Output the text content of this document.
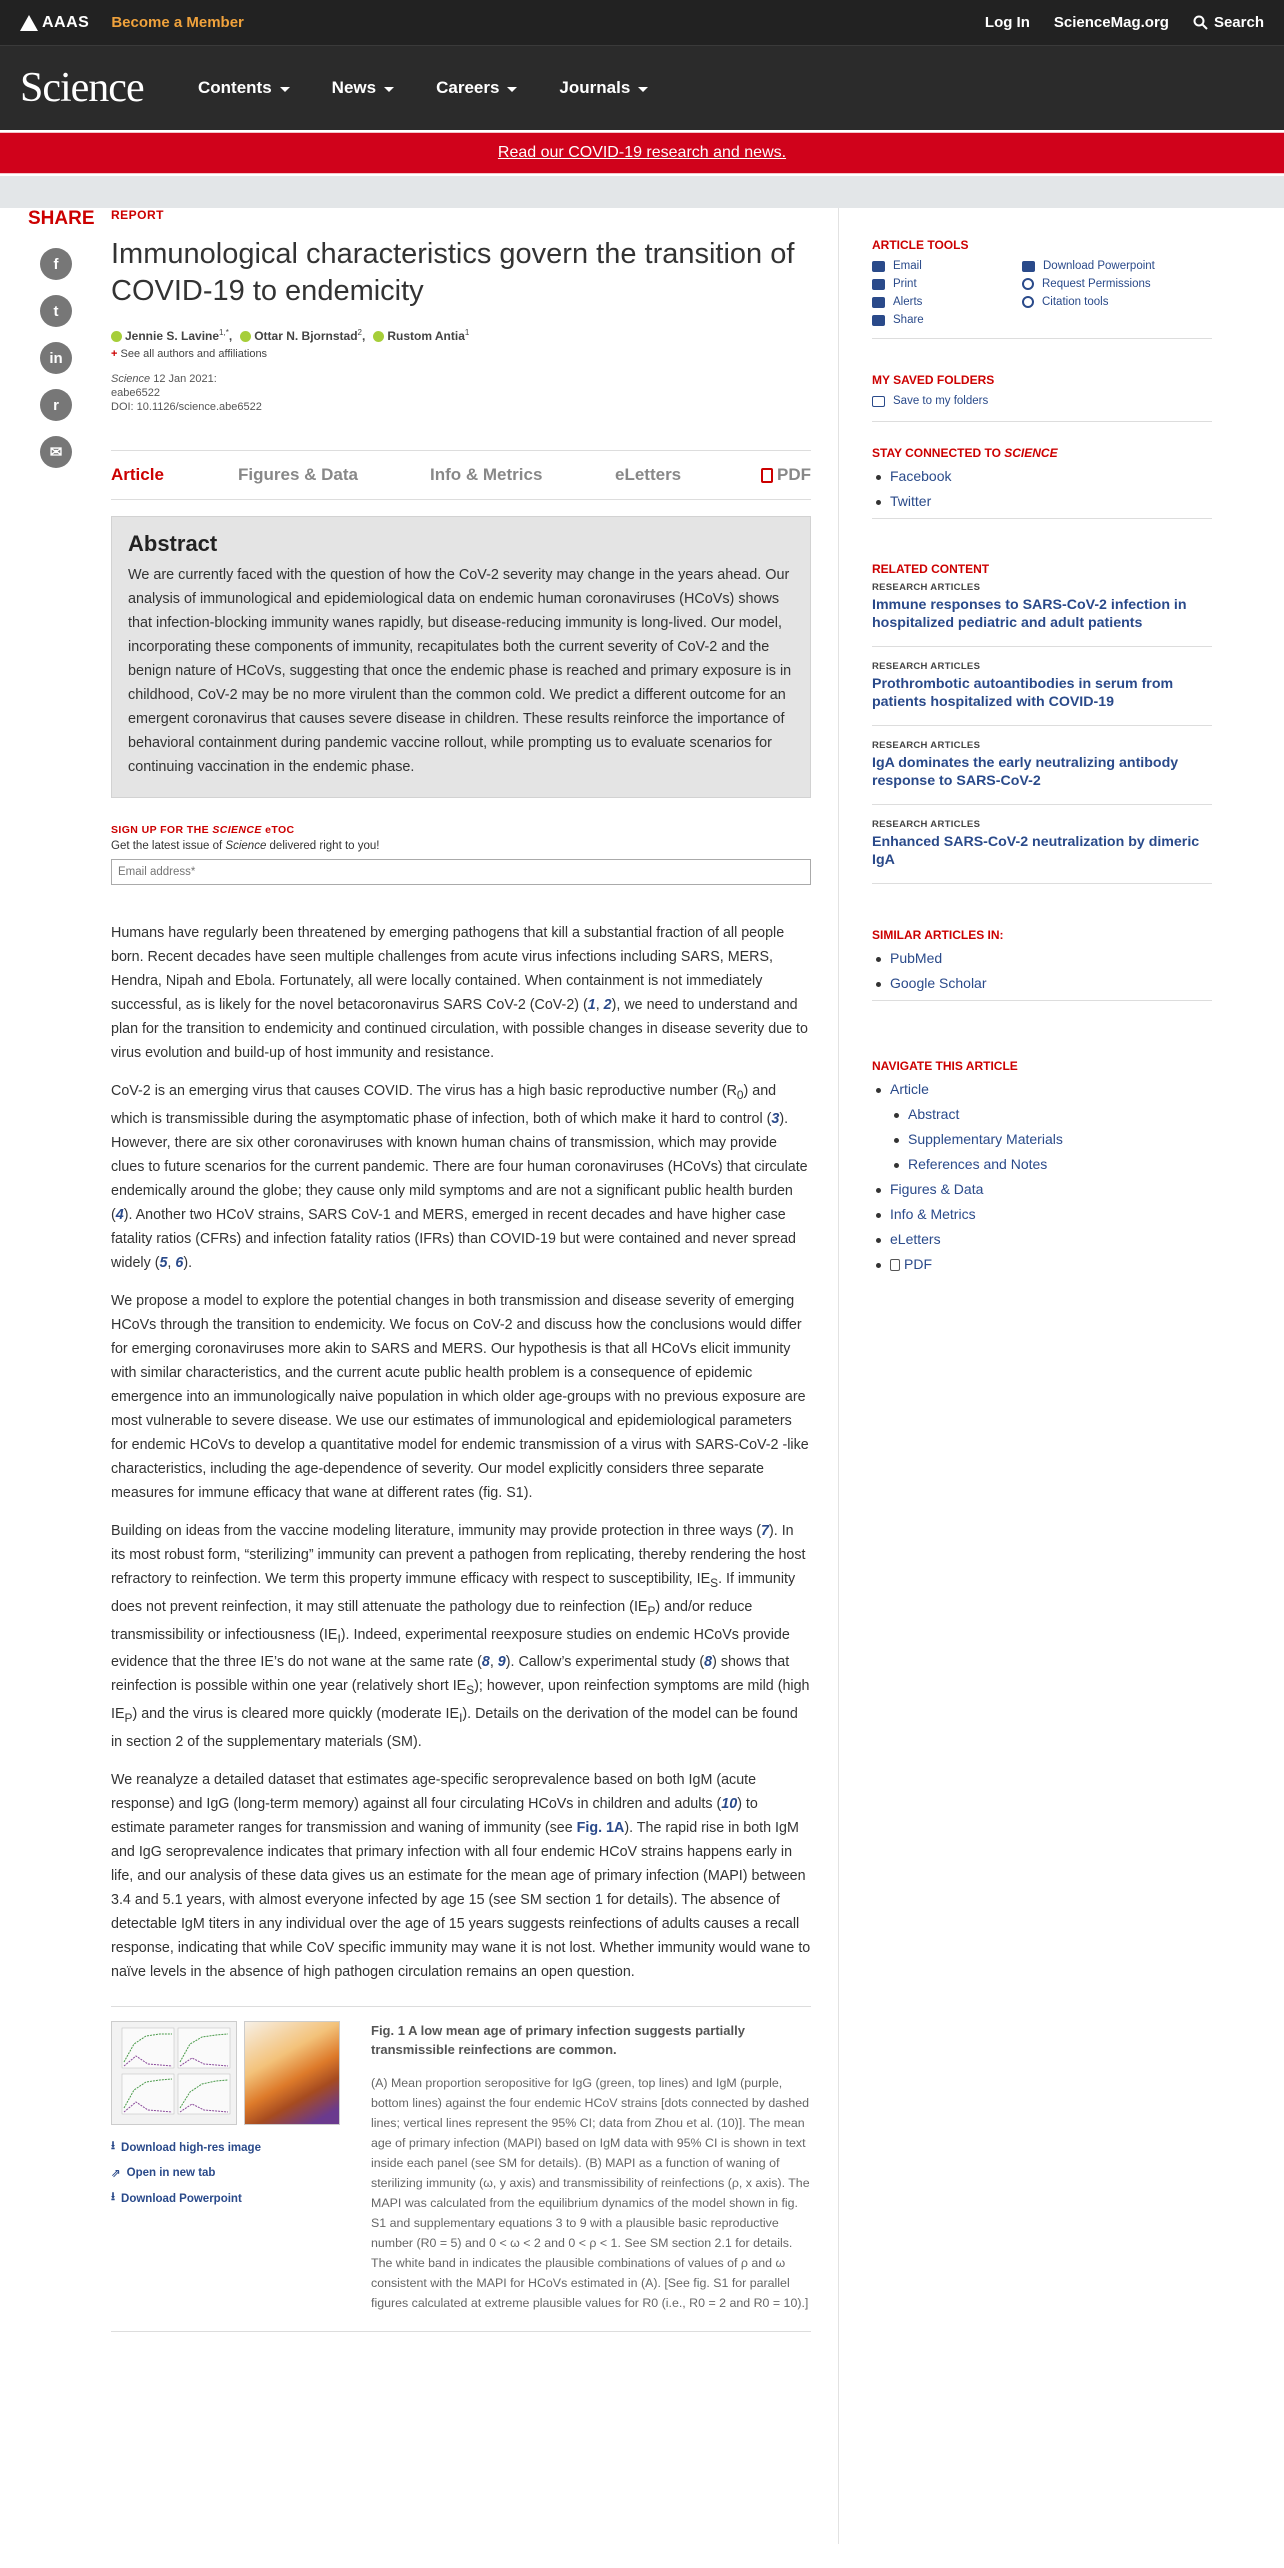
AAAS Become a Member	Log In ScienceMag.org	Search
Science	Contents	News	Careers	Journals
Read our COVID-19 research and news.
SHARE
f
t
in
r
✉
REPORT
Immunological characteristics govern the transition of COVID-19 to endemicity
Jennie S. Lavine$^{1,*}$,	Ottar N. Bjornstad$^2$,	Rustom Antia$^1$
+ See all authors and affiliations
Science 12 Jan 2021:
eabe6522
DOI: 10.1126/science.abe6522
Article	Figures & Data	Info & Metrics	eLetters	PDF
Abstract

We are currently faced with the question of how the CoV-2 severity may change in the years ahead. Our analysis of immunological and epidemiological data on endemic human coronaviruses (HCoVs) shows that infection-blocking immunity wanes rapidly, but disease-reducing immunity is long-lived. Our model, incorporating these components of immunity, recapitulates both the current severity of CoV-2 and the benign nature of HCoVs, suggesting that once the endemic phase is reached and primary exposure is in childhood, CoV-2 may be no more virulent than the common cold. We predict a different outcome for an emergent coronavirus that causes severe disease in children. These results reinforce the importance of behavioral containment during pandemic vaccine rollout, while prompting us to evaluate scenarios for continuing vaccination in the endemic phase.

SIGN UP FOR THE SCIENCE eTOC
Get the latest issue of Science delivered right to you!
Email address*

Humans have regularly been threatened by emerging pathogens that kill a substantial fraction of all people born. Recent decades have seen multiple challenges from acute virus infections including SARS, MERS, Hendra, Nipah and Ebola. Fortunately, all were locally contained. When containment is not immediately successful, as is likely for the novel betacoronavirus SARS CoV-2 (CoV-2) (1, 2), we need to understand and plan for the transition to endemicity and continued circulation, with possible changes in disease severity due to virus evolution and build-up of host immunity and resistance.

CoV-2 is an emerging virus that causes COVID. The virus has a high basic reproductive number $(R_0)$ and which is transmissible during the asymptomatic phase of infection, both of which make it hard to control (3). However, there are six other coronaviruses with known human chains of transmission, which may provide clues to future scenarios for the current pandemic. There are four human coronaviruses (HCoVs) that circulate endemically around the globe; they cause only mild symptoms and are not a significant public health burden (4). Another two HCoV strains, SARS CoV-1 and MERS, emerged in recent decades and have higher case fatality ratios (CFRs) and infection fatality ratios (IFRs) than COVID-19 but were contained and never spread widely (5, 6).

We propose a model to explore the potential changes in both transmission and disease severity of emerging HCoVs through the transition to endemicity. We focus on CoV-2 and discuss how the conclusions would differ for emerging coronaviruses more akin to SARS and MERS. Our hypothesis is that all HCoVs elicit immunity with similar characteristics, and the current acute public health problem is a consequence of epidemic emergence into an immunologically naive population in which older age-groups with no previous exposure are most vulnerable to severe disease. We use our estimates of immunological and epidemiological parameters for endemic HCoVs to develop a quantitative model for endemic transmission of a virus with SARS-CoV-2 -like characteristics, including the age-dependence of severity. Our model explicitly considers three separate measures for immune efficacy that wane at different rates (fig. S1).

Building on ideas from the vaccine modeling literature, immunity may provide protection in three ways (7). In its most robust form, “sterilizing” immunity can prevent a pathogen from replicating, thereby rendering the host refractory to reinfection. We term this property immune efficacy with respect to susceptibility, $IE_S$. If immunity does not prevent reinfection, it may still attenuate the pathology due to reinfection $(IE_P)$ and/or reduce transmissibility or infectiousness $(IE_I)$. Indeed, experimental reexposure studies on endemic HCoVs provide evidence that the three IE’s do not wane at the same rate (8, 9). Callow’s experimental study (8) shows that reinfection is possible within one year (relatively short $IE_S$); however, upon reinfection symptoms are mild (high $IE_P$) and the virus is cleared more quickly (moderate $IE_I$). Details on the derivation of the model can be found in section 2 of the supplementary materials (SM).

We reanalyze a detailed dataset that estimates age-specific seroprevalence based on both IgM (acute response) and IgG (long-term memory) against all four circulating HCoVs in children and adults (10) to estimate parameter ranges for transmission and waning of immunity (see Fig. 1A). The rapid rise in both IgM and IgG seroprevalence indicates that primary infection with all four endemic HCoV strains happens early in life, and our analysis of these data gives us an estimate for the mean age of primary infection (MAPI) between 3.4 and 5.1 years, with almost everyone infected by age 15 (see SM section 1 for details). The absence of detectable IgM titers in any individual over the age of 15 years suggests reinfections of adults causes a recall response, indicating that while CoV specific immunity may wane it is not lost. Whether immunity would wane to naïve levels in the absence of high pathogen circulation remains an open question.

⭳ Download high-res image
⇗ Open in new tab
⭳ Download Powerpoint
Fig. 1 A low mean age of primary infection suggests partially transmissible reinfections are common.
(A) Mean proportion seropositive for IgG (green, top lines) and IgM (purple, bottom lines) against the four endemic HCoV strains [dots connected by dashed lines; vertical lines represent the 95% CI; data from Zhou et al. (10)]. The mean age of primary infection (MAPI) based on IgM data with 95% CI is shown in text inside each panel (see SM for details). (B) MAPI as a function of waning of sterilizing immunity (ω, y axis) and transmissibility of reinfections (ρ, x axis). The MAPI was calculated from the equilibrium dynamics of the model shown in fig. S1 and supplementary equations 3 to 9 with a plausible basic reproductive number (R0 = 5) and 0 < ω < 2 and 0 < ρ < 1. See SM section 2.1 for details. The white band in indicates the plausible combinations of values of ρ and ω consistent with the MAPI for HCoVs estimated in (A). [See fig. S1 for parallel figures calculated at extreme plausible values for R0 (i.e., R0 = 2 and R0 = 10).]
ARTICLE TOOLS
Email	Download Powerpoint
Print	Request Permissions
Alerts	Citation tools
Share
MY SAVED FOLDERS
Save to my folders
STAY CONNECTED TO SCIENCE
Facebook
Twitter
RELATED CONTENT
RESEARCH ARTICLES
Immune responses to SARS-CoV-2 infection in hospitalized pediatric and adult patients
RESEARCH ARTICLES
Prothrombotic autoantibodies in serum from patients hospitalized with COVID-19
RESEARCH ARTICLES
IgA dominates the early neutralizing antibody response to SARS-CoV-2
RESEARCH ARTICLES
Enhanced SARS-CoV-2 neutralization by dimeric IgA
SIMILAR ARTICLES IN:
PubMed
Google Scholar
NAVIGATE THIS ARTICLE
Article
Abstract
Supplementary Materials
References and Notes
Figures & Data
Info & Metrics
eLetters
PDF
